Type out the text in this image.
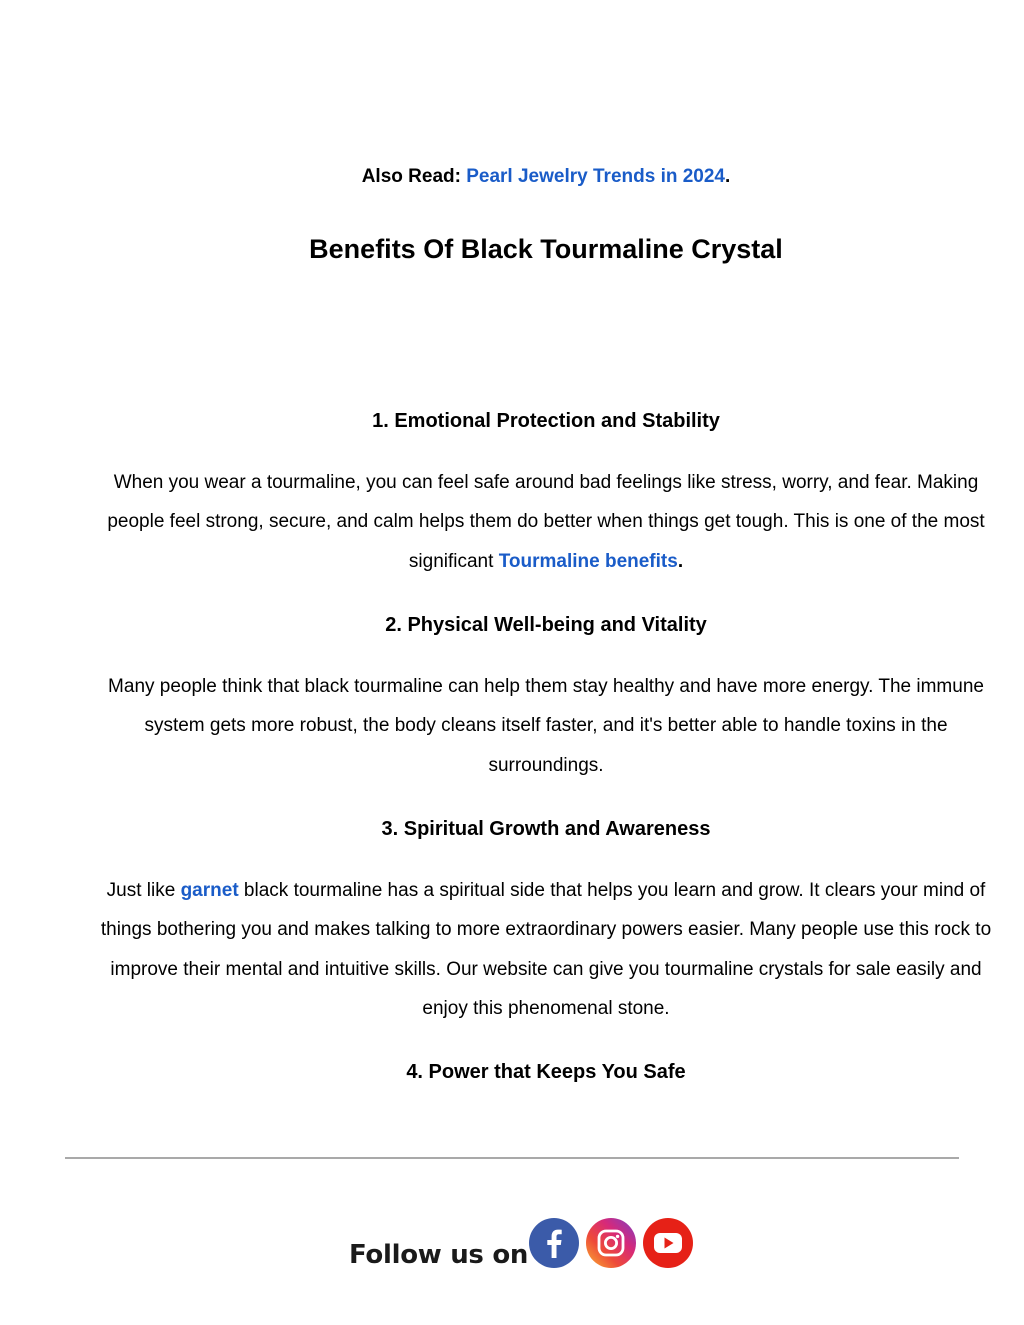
Also Read: Pearl Jewelry Trends in 2024.
Benefits Of Black Tourmaline Crystal
1. Emotional Protection and Stability

When you wear a tourmaline, you can feel safe around bad feelings like stress, worry, and fear. Making people feel strong, secure, and calm helps them do better when things get tough. This is one of the most significant Tourmaline benefits.

2. Physical Well-being and Vitality

Many people think that black tourmaline can help them stay healthy and have more energy. The immune system gets more robust, the body cleans itself faster, and it's better able to handle toxins in the surroundings.

3. Spiritual Growth and Awareness

Just like garnet black tourmaline has a spiritual side that helps you learn and grow. It clears your mind of things bothering you and makes talking to more extraordinary powers easier. Many people use this rock to improve their mental and intuitive skills. Our website can give you tourmaline crystals for sale easily and enjoy this phenomenal stone.

4. Power that Keeps You Safe
Follow us on
